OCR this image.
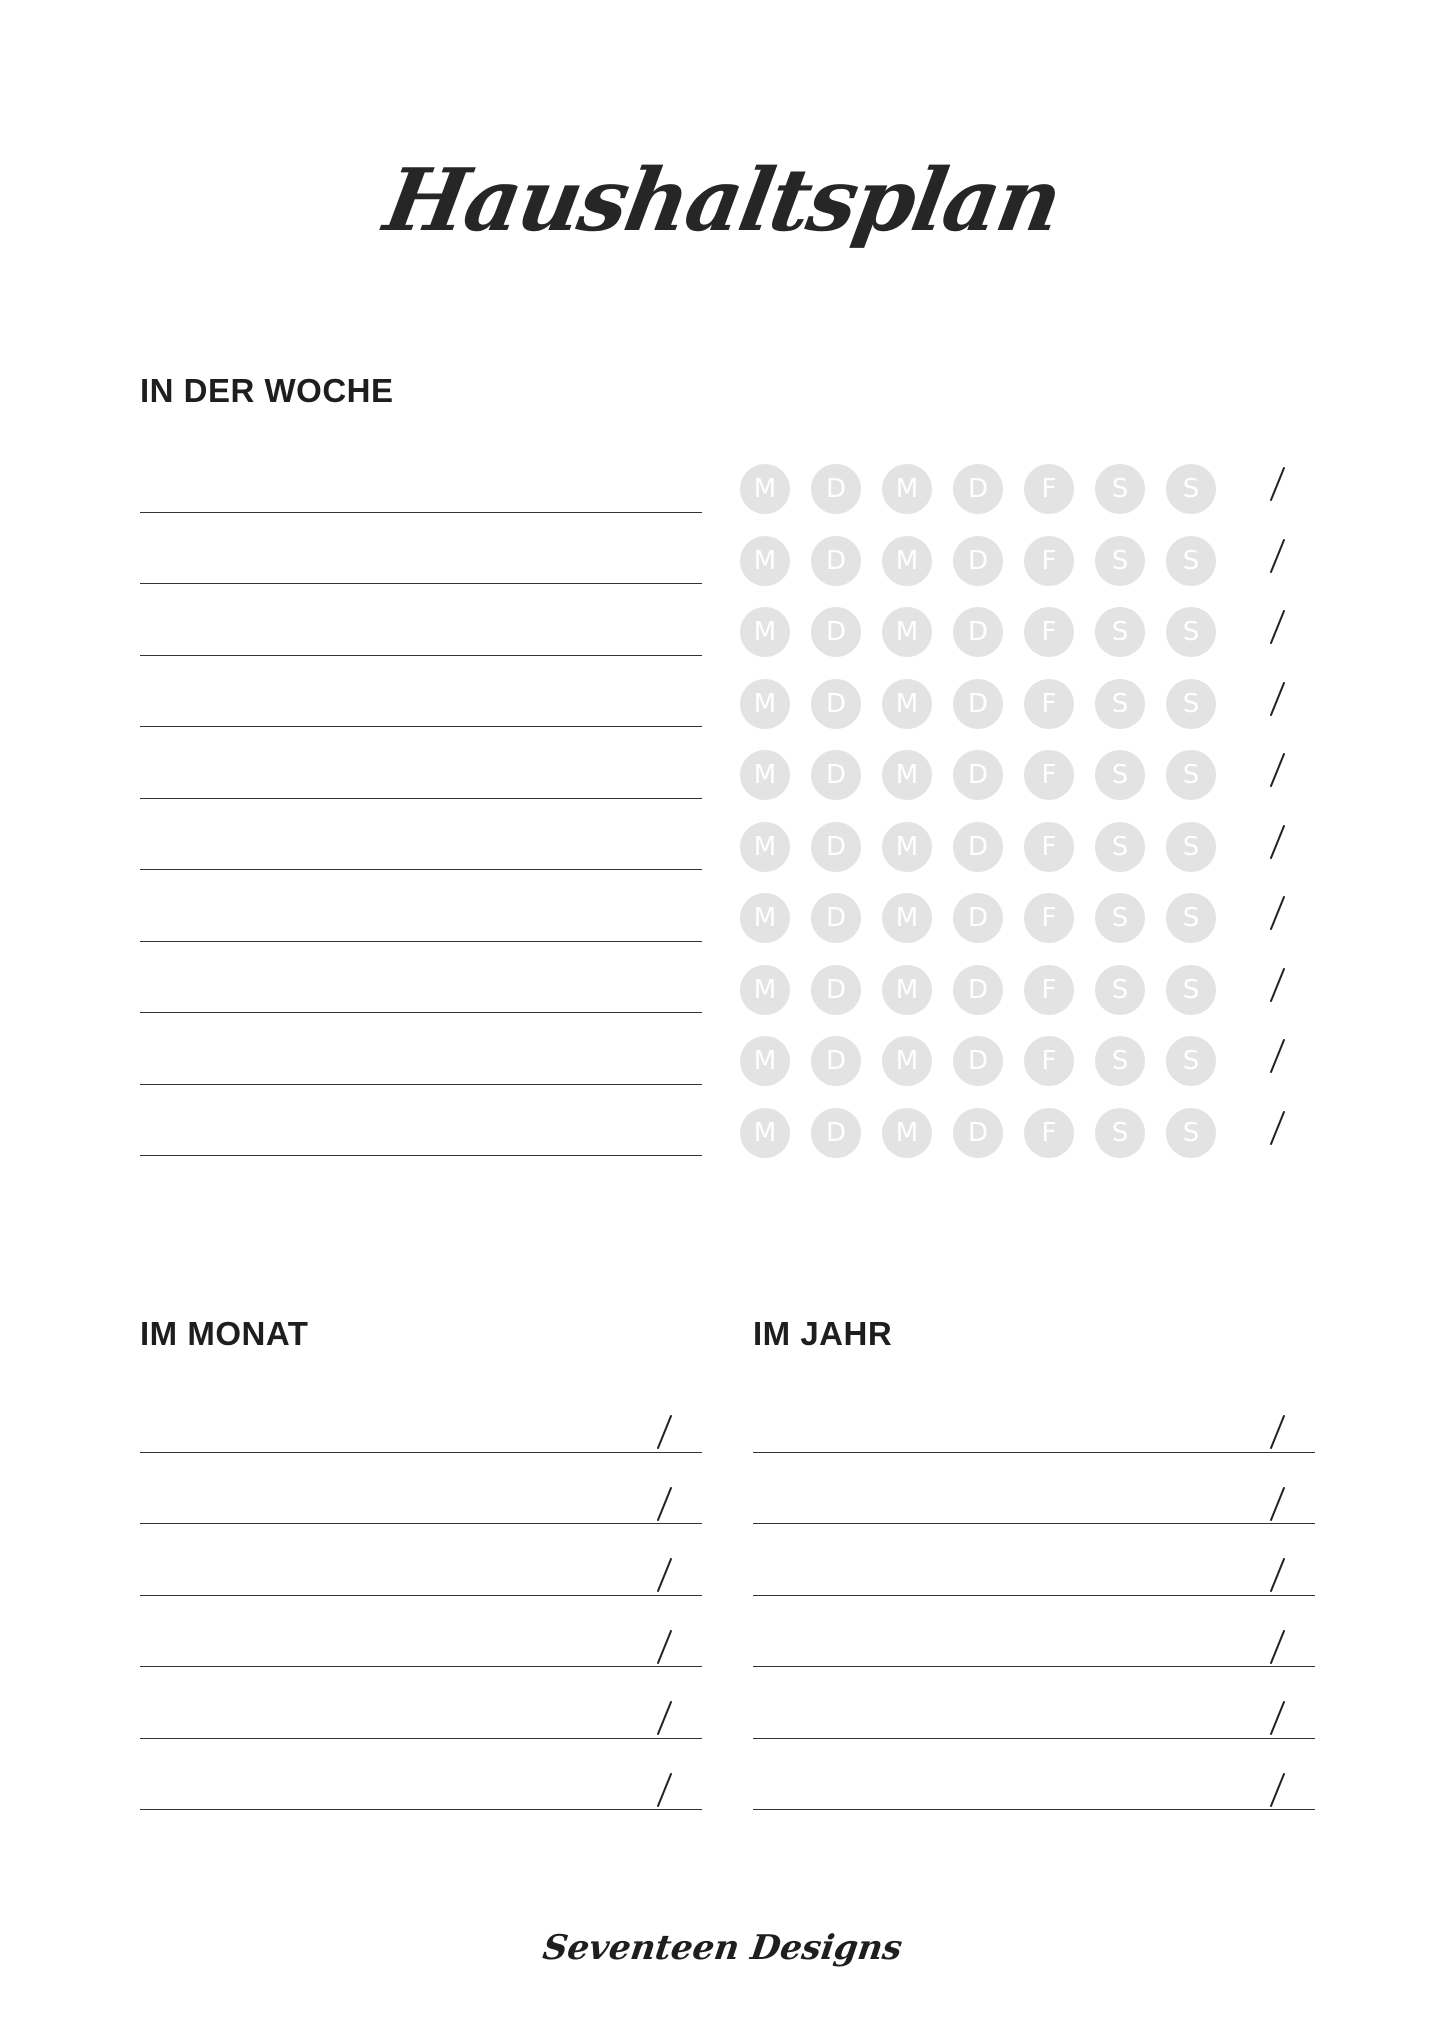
Haushaltsplan
IN DER WOCHE
M	D	M	D	F	S	S
M	D	M	D	F	S	S
M	D	M	D	F	S	S
M	D	M	D	F	S	S
M	D	M	D	F	S	S
M	D	M	D	F	S	S
M	D	M	D	F	S	S
M	D	M	D	F	S	S
M	D	M	D	F	S	S
M	D	M	D	F	S	S
IM MONAT	IM JAHR
Seventeen Designs
